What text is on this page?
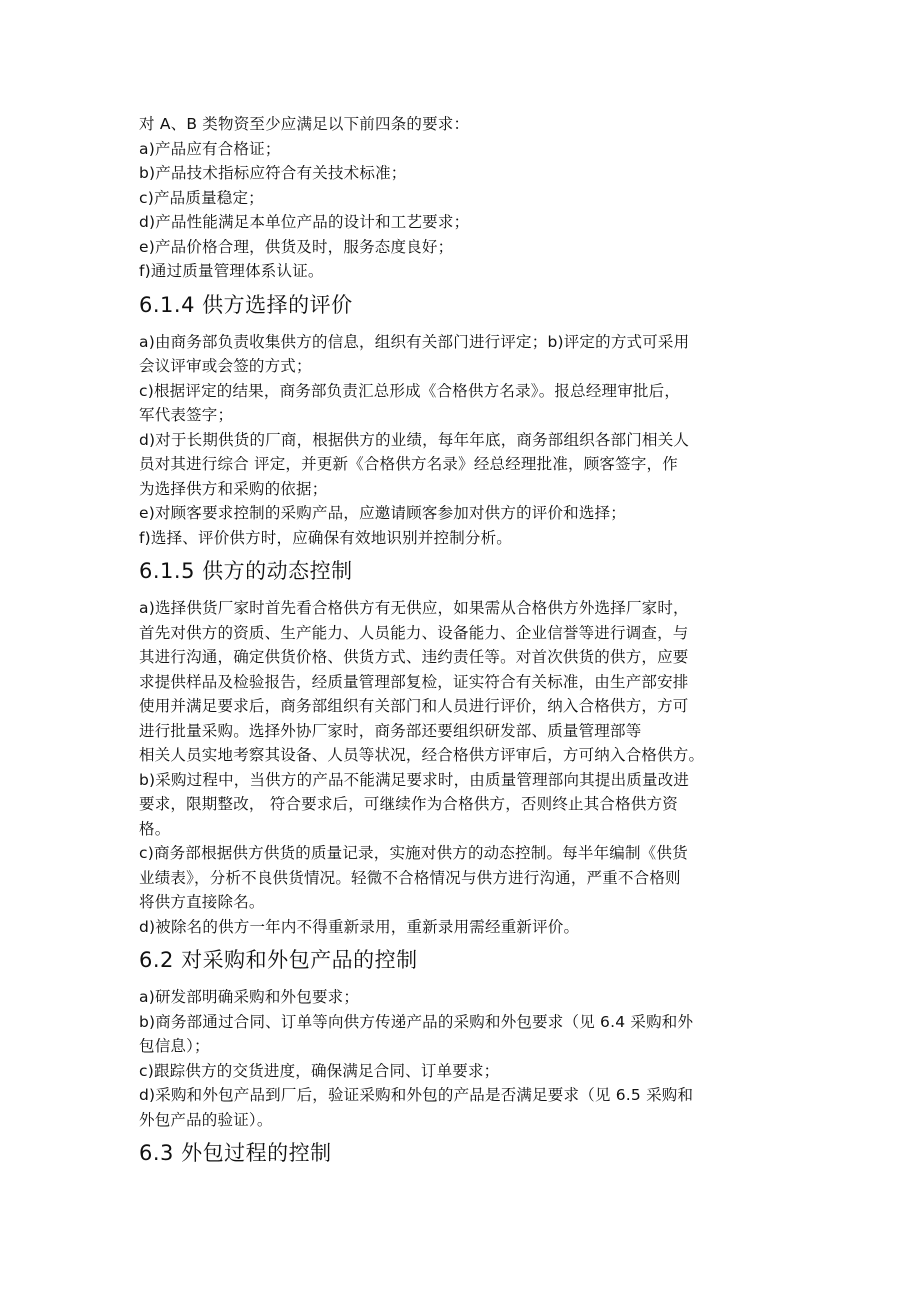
对 A、B 类物资至少应满足以下前四条的要求：
a)产品应有合格证；
b)产品技术指标应符合有关技术标准；
c)产品质量稳定；
d)产品性能满足本单位产品的设计和工艺要求；
e)产品价格合理，供货及时，服务态度良好；
f)通过质量管理体系认证。
6.1.4 供方选择的评价
a)由商务部负责收集供方的信息，组织有关部门进行评定；b)评定的方式可采用
会议评审或会签的方式；
c)根据评定的结果，商务部负责汇总形成《合格供方名录》。报总经理审批后，
军代表签字；
d)对于长期供货的厂商，根据供方的业绩，每年年底，商务部组织各部门相关人
员对其进行综合 评定，并更新《合格供方名录》经总经理批准，顾客签字，作
为选择供方和采购的依据；
e)对顾客要求控制的采购产品，应邀请顾客参加对供方的评价和选择；
f)选择、评价供方时，应确保有效地识别并控制分析。
6.1.5 供方的动态控制
a)选择供货厂家时首先看合格供方有无供应，如果需从合格供方外选择厂家时，
首先对供方的资质、生产能力、人员能力、设备能力、企业信誉等进行调查，与
其进行沟通，确定供货价格、供货方式、违约责任等。对首次供货的供方，应要
求提供样品及检验报告，经质量管理部复检，证实符合有关标准，由生产部安排
使用并满足要求后，商务部组织有关部门和人员进行评价，纳入合格供方，方可
进行批量采购。选择外协厂家时，商务部还要组织研发部、质量管理部等
相关人员实地考察其设备、人员等状况，经合格供方评审后，方可纳入合格供方。
b)采购过程中，当供方的产品不能满足要求时，由质量管理部向其提出质量改进
要求，限期整改， 符合要求后，可继续作为合格供方，否则终止其合格供方资
格。
c)商务部根据供方供货的质量记录，实施对供方的动态控制。每半年编制《供货
业绩表》，分析不良供货情况。轻微不合格情况与供方进行沟通，严重不合格则
将供方直接除名。
d)被除名的供方一年内不得重新录用，重新录用需经重新评价。
6.2 对采购和外包产品的控制
a)研发部明确采购和外包要求；
b)商务部通过合同、订单等向供方传递产品的采购和外包要求（见 6.4 采购和外
包信息）；
c)跟踪供方的交货进度，确保满足合同、订单要求；
d)采购和外包产品到厂后，验证采购和外包的产品是否满足要求（见 6.5 采购和
外包产品的验证）。
6.3 外包过程的控制
